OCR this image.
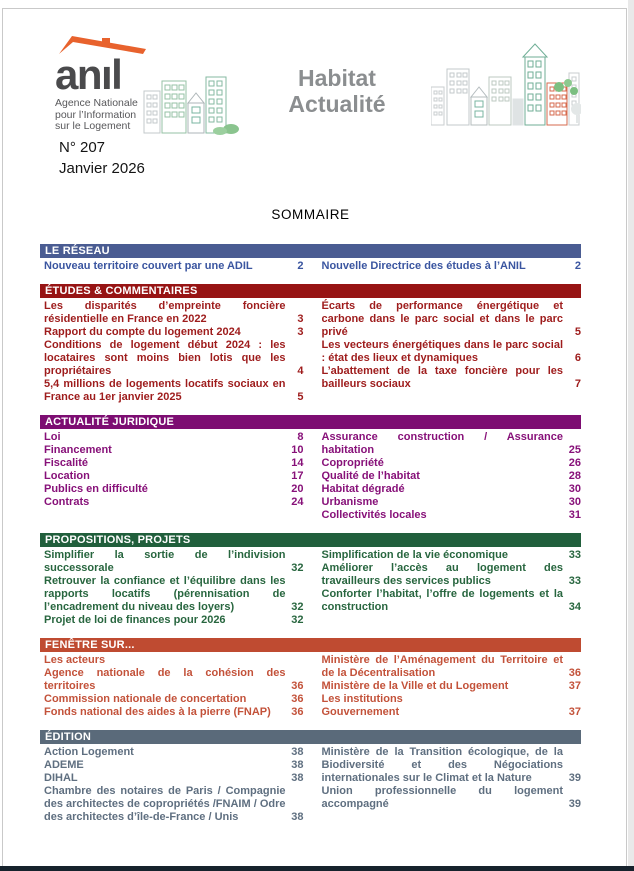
anıl
Agence Nationale
pour l’Information
sur le Logement
Habitat
Actualité
N° 207
Janvier 2026
SOMMAIRE
LE RÉSEAU
Nouveau territoire couvert par une ADIL	2 Nouvelle Directrice des études à l’ANIL	2
ÉTUDES & COMMENTAIRES
Les disparités d’empreinte foncière résidentielle en France en 2022	3
Rapport du compte du logement 2024	3
Conditions de logement début 2024 : les locataires sont moins bien lotis que les propriétaires	4
5,4 millions de logements locatifs sociaux en France au 1er janvier 2025	5
Écarts de performance énergétique et carbone dans le parc social et dans le parc privé	5
Les vecteurs énergétiques dans le parc social : état des lieux et dynamiques	6
L’abattement de la taxe foncière pour les bailleurs sociaux	7
ACTUALITÉ JURIDIQUE
Loi	8
Financement	10
Fiscalité	14
Location	17
Publics en difficulté	20
Contrats	24
Assurance construction / Assurance habitation	25
Copropriété	26
Qualité de l’habitat	28
Habitat dégradé	30
Urbanisme	30
Collectivités locales	31
PROPOSITIONS, PROJETS
Simplifier la sortie de l’indivision successorale	32
Retrouver la confiance et l’équilibre dans les rapports locatifs (pérennisation de l’encadrement du niveau des loyers)	32
Projet de loi de finances pour 2026	32
Simplification de la vie économique	33
Améliorer l’accès au logement des travailleurs des services publics	33
Conforter l’habitat, l’offre de logements et la construction	34
FENÊTRE SUR...
Les acteurs
Agence nationale de la cohésion des territoires	36
Commission nationale de concertation	36
Fonds national des aides à la pierre (FNAP)	36
Ministère de l’Aménagement du Territoire et de la Décentralisation	36
Ministère de la Ville et du Logement	37
Les institutions
Gouvernement	37
ÉDITION
Action Logement	38
ADEME	38
DIHAL	38
Chambre des notaires de Paris / Compagnie des architectes de copropriétés /FNAIM / Odre des architectes d’île-de-France / Unis	38
Ministère de la Transition écologique, de la Biodiversité et des Négociations internationales sur le Climat et la Nature	39
Union professionnelle du logement accompagné	39
